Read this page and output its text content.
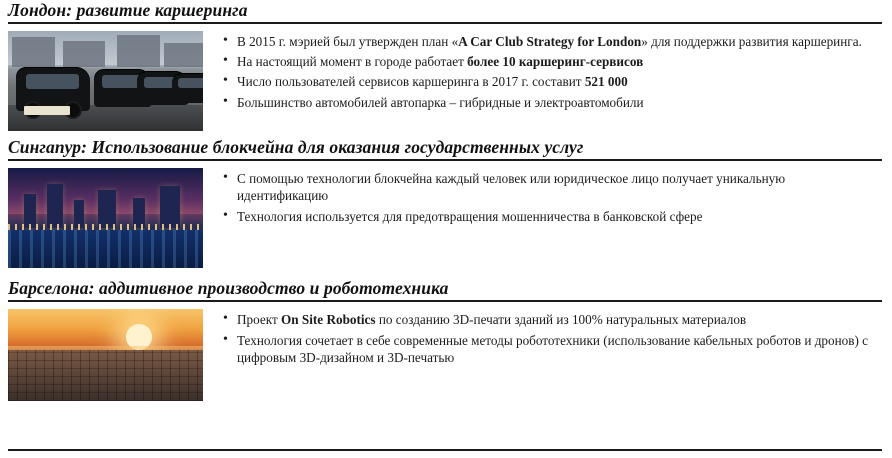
Лондон: развитие каршеринга
• В 2015 г. мэрией был утвержден план «A Car Club Strategy for London» для поддержки развития каршеринга.
• На настоящий момент в городе работает более 10 каршеринг-сервисов
• Число пользователей сервисов каршеринга в 2017 г. составит 521 000
• Большинство автомобилей автопарка – гибридные и электроавтомобили
Сингапур: Использование блокчейна для оказания государственных услуг
• С помощью технологии блокчейна каждый человек или юридическое лицо получает уникальную идентификацию
• Технология используется для предотвращения мошенничества в банковской сфере
Барселона: аддитивное производство и робототехника
• Проект On Site Robotics по созданию 3D-печати зданий из 100% натуральных материалов
• Технология сочетает в себе современные методы робототехники (использование кабельных роботов и дронов) с цифровым 3D-дизайном и 3D-печатью
